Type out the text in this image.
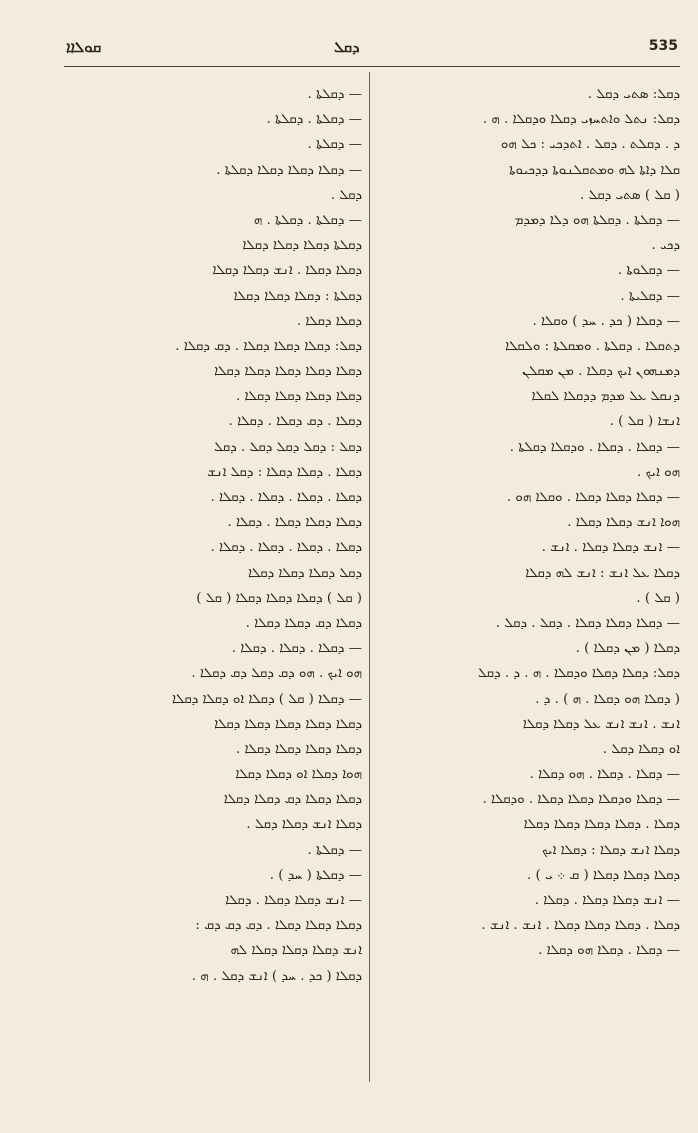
ܩܘܠܐܐ	ܕܩܠ	535
ܕܩܠ: ܣܬܝ ܕܩܠ .
ܕܩܠ: ܢܬܠ ܘܐܬܚܙܝ ܕܩܠܐ ܘܕܩܠܐ . ܗ .
ܕ . ܕܩܠܬ . ܕܩܠ . ܐܬܕܟܝ : ܟܠ ܗܘ
ܩܠܐ ܕܐܬܐ ܠܗ ܘܡܬܩܠܢܘܬܐ ܕܕܟܝܘܬܐ
( ܩܠ ) ܣܬܝ ܕܩܠ .
— ܕܩܠܬܐ . ܕܩܠܬܐ ܗܘ ܕܠܐ ܕܡܕܡ
ܕܟܝ .
— ܕܩܠܘܬܐ .
— ܕܩܠܝܬܐ .
— ܕܩܠܐ ( ܟܕ . ܚܕ ) ܘܩܠܐ .
ܕܬܩܠܐ . ܕܩܠܬܐ . ܘܡܩܠܬܐ : ܘܠܩܠܐ
ܕܡܢܗܘܢ ܐܝܟ ܕܩܠܐ . ܡܢ ܡܩܠܢ
ܕܢܩܠ ܥܠ ܡܕܡ ܕܕܩܠܐ ܠܩܠܐ
ܐܢܫܐ ( ܩܠ ) .
— ܕܩܠܐ . ܕܩܠܐ . ܘܕܩܠܐ ܕܩܠܬܐ .
ܗܘ ܐܝܟ .
— ܕܩܠܐ ܕܩܠܐ ܕܩܠܐ . ܘܩܠܐ ܗܘ .
ܗܘܐ ܐܢܫ ܕܩܠܐ ܕܩܠܐ .
— ܐܢܫ ܕܩܠܐ ܕܩܠܐ . ܐܢܫ .
ܕܩܠܐ ܥܠ ܐܢܫ : ܐܢܫ ܠܗ ܕܩܠܐ
( ܩܠ ) .
— ܕܩܠܐ ܕܩܠܐ ܕܩܠܐ . ܕܩܠ . ܕܩܠ .
ܕܩܠܐ ( ܡܢ ܕܩܠܐ ) .
ܕܩܠ: ܕܩܠܐ ܕܩܠܐ ܘܕܩܠܐ . ܗ . ܕ . ܕܩܠ
( ܕܩܠܐ ܗܘ ܕܩܠܐ . ܗ ) . ܕ .
ܐܢܫ . ܐܢܫ ܐܢܫ ܥܠ ܕܩܠܐ ܕܩܠܐ
ܐܘ ܕܩܠܐ ܕܩܠ .
— ܕܩܠܐ . ܕܩܠܐ . ܗܘ ܕܩܠܐ .
— ܕܩܠܐ ܘܕܩܠܐ ܕܩܠܐ ܕܩܠܐ . ܘܕܩܠܐ .
ܕܩܠܐ . ܕܩܠܐ ܕܩܠܐ ܕܩܠܐ ܕܩܠܐ
ܕܩܠܐ ܐܢܫ ܕܩܠܐ : ܕܩܠܐ ܐܝܟ
ܕܩܠܐ ܕܩܠܐ ܕܩܠܐ ( ܩ ܀ ܝ ) .
— ܐܢܫ ܕܩܠܐ ܕܩܠܐ . ܕܩܠܐ .
ܕܩܠܐ . ܕܩܠܐ ܕܩܠܐ ܕܩܠܐ . ܐܢܫ . ܐܢܫ .
— ܕܩܠܐ . ܕܩܠܐ ܗܘ ܕܩܠܐ .
— ܕܩܠܬܐ .
— ܕܩܠܬܐ . ܕܩܠܬܐ .
— ܕܩܠܬܐ .
— ܕܩܠܐ ܕܩܠܐ ܕܩܠܐ ܕܩܠܬܐ .
ܕܩܠ .
— ܕܩܠܬܐ . ܕܩܠܬܐ . ܗ
ܕܩܠܬܐ ܕܩܠܐ ܕܩܠܐ ܕܩܠܐ
ܕܩܠܐ ܕܩܠܐ . ܐܢܫ ܕܩܠܐ ܕܩܠܐ
ܕܩܠܬܐ : ܕܩܠܐ ܕܩܠܐ ܕܩܠܐ
ܕܩܠܐ ܕܩܠܐ .
ܕܩܠ: ܕܩܠܐ ܕܩܠܐ ܕܩܠܐ . ܕܩ ܕܩܠܐ .
ܕܩܠܐ ܕܩܠܐ ܕܩܠܐ ܕܩܠܐ ܕܩܠܐ
ܕܩܠܐ ܕܩܠܐ ܕܩܠܐ ܕܩܠܐ .
ܕܩܠܐ . ܕܩ ܕܩܠܐ . ܕܩܠܐ .
ܕܩܠ : ܕܩܠ ܕܩܠ ܕܩܠ . ܕܩܠ
ܕܩܠܐ . ܕܩܠܐ ܕܩܠܐ : ܕܩܠ ܐܢܫ
ܕܩܠܐ . ܕܩܠܐ . ܕܩܠܐ . ܕܩܠܐ .
ܕܩܠܐ ܕܩܠܐ ܕܩܠܐ . ܕܩܠܐ .
ܕܩܠܐ . ܕܩܠܐ . ܕܩܠܐ . ܕܩܠܐ .
ܕܩܠ ܕܩܠܐ ܕܩܠܐ ܕܩܠܐ
( ܩܠ ) ܕܩܠܐ ܕܩܠܐ ܕܩܠܐ ( ܩܠ )
ܕܩܠܐ ܕܩ ܕܩܠܐ ܕܩܠܐ .
— ܕܩܠܐ . ܕܩܠܐ . ܕܩܠܐ .
ܗܘ ܐܝܟ . ܗܘ ܕܩ ܕܩܠ ܕܩ ܕܩܠܐ .
— ܕܩܠܐ ( ܩܠ ) ܕܩܠܐ ܐܘ ܕܩܠܐ ܕܩܠܐ
ܕܩܠܐ ܕܩܠܐ ܕܩܠܐ ܕܩܠܐ ܕܩܠܐ
ܕܩܠܐ ܕܩܠܐ ܕܩܠܐ ܕܩܠܐ .
ܗܘܐ ܕܩܠܐ ܐܘ ܕܩܠܐ ܕܩܠܐ
ܕܩܠܐ ܕܩܠܐ ܕܩ ܕܩܠܐ ܕܩܠܐ
ܕܩܠܐ ܐܢܫ ܕܩܠܐ ܕܩܠ .
— ܕܩܠܬܐ .
— ܕܩܠܬܐ ( ܚܕ ) .
— ܐܢܫ ܕܩܠܐ ܕܩܠܐ . ܕܩܠܐ
ܕܩܠܐ ܕܩܠܐ ܕܩܠܐ . ܕܩ ܕܩ ܕܩ :
ܐܢܫ ܕܩܠܐ ܕܩܠܐ ܕܩܠܐ ܠܗ
ܕܩܠܐ ( ܟܕ . ܚܕ ) ܐܢܫ ܕܩܠ . ܗ .
